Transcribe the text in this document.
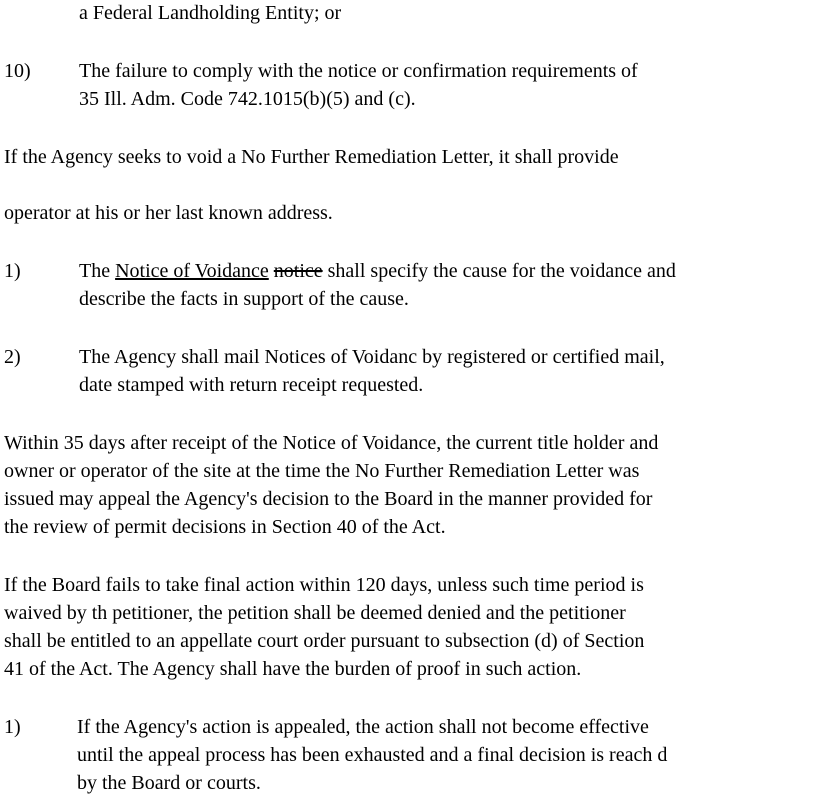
a Federal Landholding Entity; or
10) The failure to comply with the notice or confirmation requirements of
35 Ill. Adm. Code 742.1015(b)(5) and (c).
If the Agency seeks to void a No Further Remediation Letter, it shall provide
operator at his or her last known address.
1)	The Notice of Voidance notice shall specify the cause for the voidance and
describe the facts in support of the cause.
2)	The Agency shall mail Notices of Voidanc by registered or certified mail,
date stamped with return receipt requested.
Within 35 days after receipt of the Notice of Voidance, the current title holder and
owner or operator of the site at the time the No Further Remediation Letter was
issued may appeal the Agency's decision to the Board in the manner provided for
the review of permit decisions in Section 40 of the Act.
If the Board fails to take final action within 120 days, unless such time period is
waived by th petitioner, the petition shall be deemed denied and the petitioner
shall be entitled to an appellate court order pursuant to subsection (d) of Section
41 of the Act. The Agency shall have the burden of proof in such action.
1)	If the Agency's action is appealed, the action shall not become effective
until the appeal process has been exhausted and a final decision is reach d
by the Board or courts.
